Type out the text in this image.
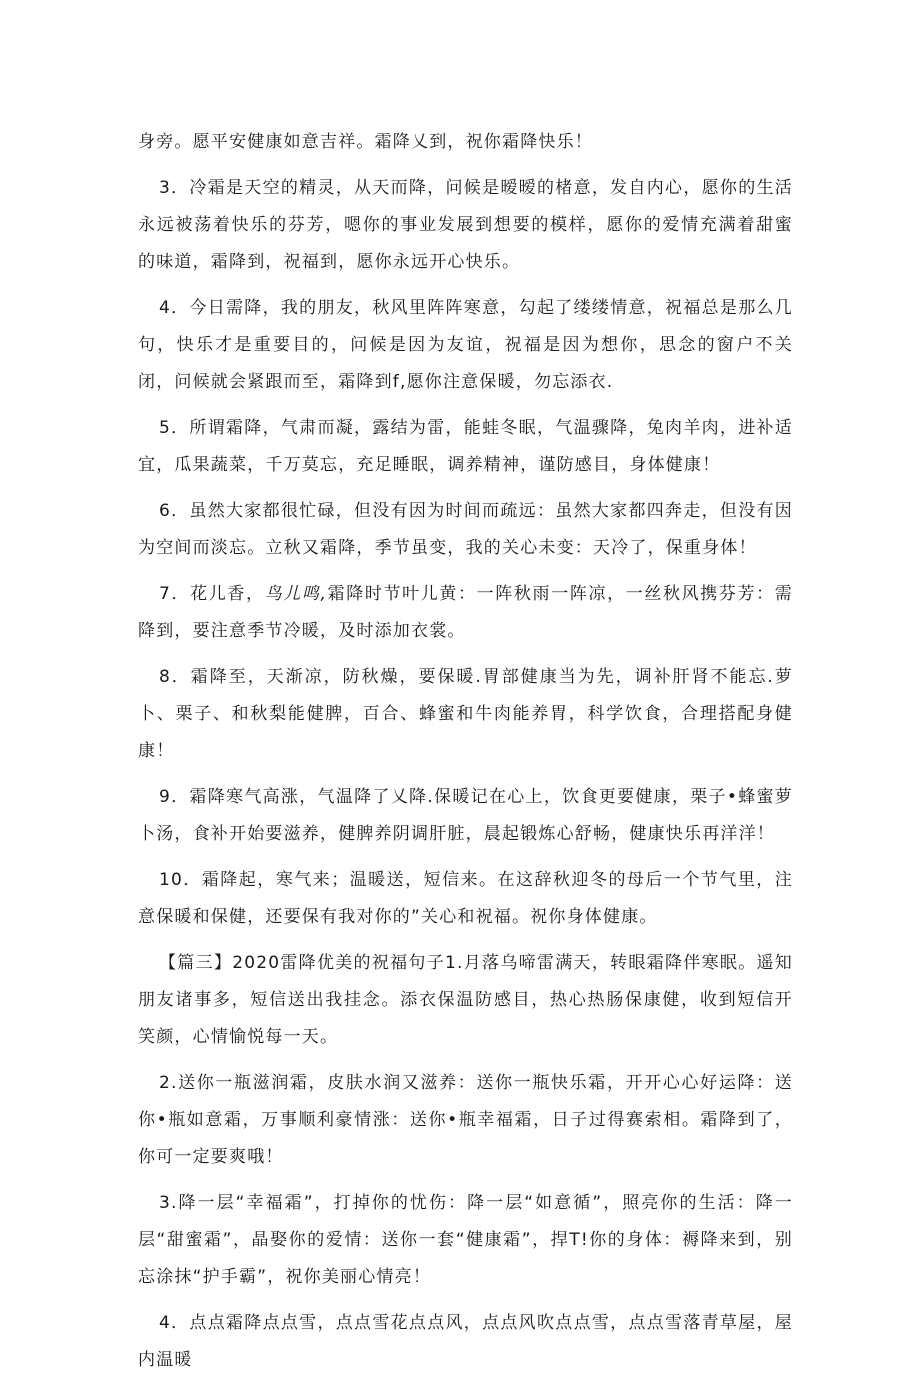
身旁。愿平安健康如意吉祥。霜降乂到，祝你霜降快乐！

3．冷霜是天空的精灵，从天而降，问候是暧暧的楮意，发自内心，愿你的生活永远被荡着快乐的芬芳，嗯你的事业发展到想要的模样，愿你的爱情充满着甜蜜的味道，霜降到，祝福到，愿你永远开心快乐。

4．今日需降，我的朋友，秋风里阵阵寒意，勾起了缕缕情意，祝福总是那么几句，快乐才是重要目的，问候是因为友谊，祝福是因为想你，思念的窗户不关闭，问候就会紧跟而至，霜降到f,愿你注意保暖，勿忘添衣.

5．所谓霜降，气肃而凝，露结为雷，能蛙冬眠，气温骤降，兔肉羊肉，进补适宜，瓜果蔬菜，千万莫忘，充足睡眠，调养精神，谨防感目，身体健康！

6．虽然大家都很忙碌，但没有因为时间而疏远：虽然大家都四奔走，但没有因为空间而淡忘。立秋又霜降，季节虽变，我的关心未变：天冷了，保重身体！

7．花儿香，鸟儿鸣,霜降时节叶儿黄：一阵秋雨一阵凉，一丝秋风携芬芳：需降到，要注意季节冷暖，及时添加衣裳。

8．霜降至，天渐凉，防秋燥，要保暖.胃部健康当为先，调补肝肾不能忘.萝卜、栗子、和秋梨能健脾，百合、蜂蜜和牛肉能养胃，科学饮食，合理搭配身健康！

9．霜降寒气高涨，气温降了乂降.保暖记在心上，饮食更要健康，栗子•蜂蜜萝卜汤，食补开始要滋养，健脾养阴调肝脏，晨起锻炼心舒畅，健康快乐再洋洋！

10．霜降起，寒气来；温暖送，短信来。在这辞秋迎冬的母后一个节气里，注意保暖和保健，还要保有我对你的”关心和祝福。祝你身体健康。

【篇三】2020雷降优美的祝福句子1.月落乌啼雷满天，转眼霜降伴寒眠。遥知朋友诸事多，短信送出我挂念。添衣保温防感目，热心热肠保康健，收到短信开笑颜，心情愉悦每一天。

2.送你一瓶滋润霜，皮肤水润又滋养：送你一瓶快乐霜，开开心心好运降：送你•瓶如意霜，万事顺利豪情涨：送你•瓶幸福霜，日子过得赛索相。霜降到了，你可一定要爽哦！

3.降一层“幸福霜”，打掉你的忧伤：降一层“如意循”，照亮你的生活：降一层“甜蜜霜”，晶娶你的爱情：送你一套“健康霜”，捍T!你的身体：褥降来到，别忘涂抹“护手霸”，祝你美丽心情亮！

4．点点霜降点点雪，点点雪花点点风，点点风吹点点雪，点点雪落青草屋，屋内温暖
